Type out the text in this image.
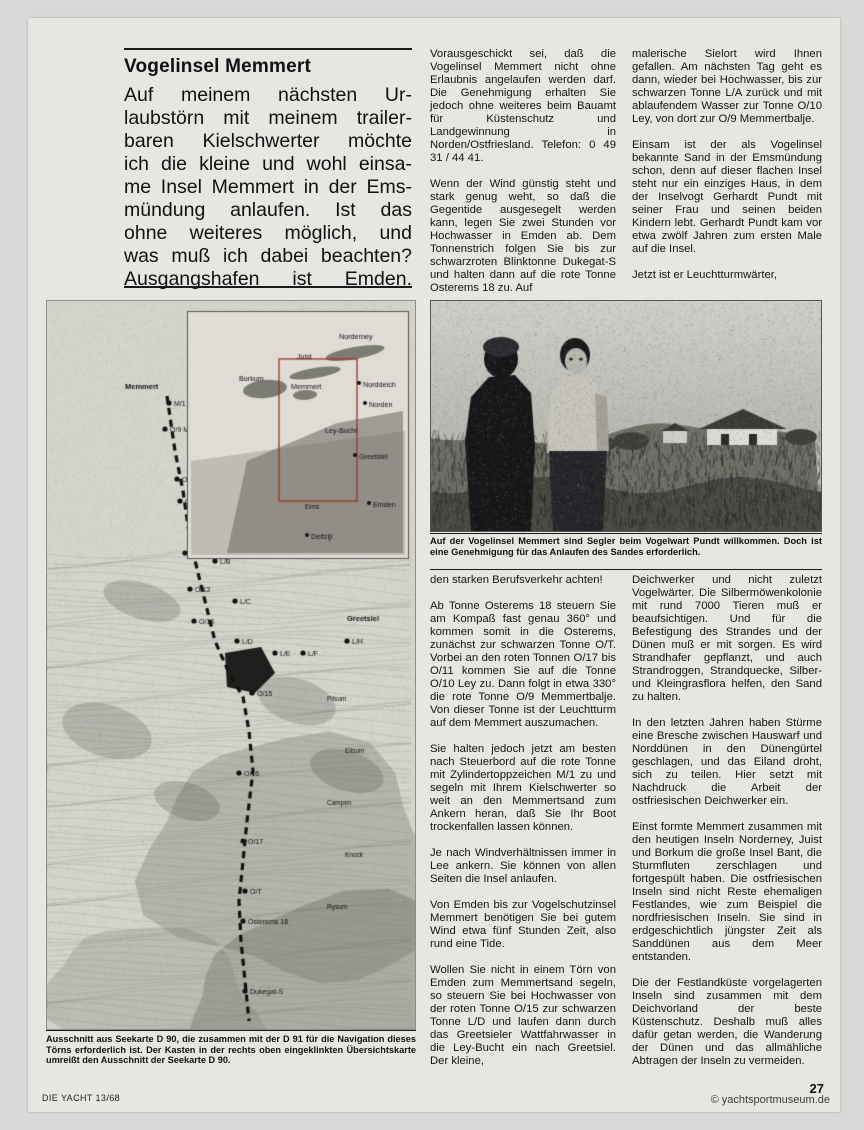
Vogelinsel Memmert
Auf meinem nächsten Ur-
laubstörn mit meinem trailer-
baren Kielschwerter möchte
ich die kleine und wohl einsa-
me Insel Memmert in der Ems-
mündung anlaufen. Ist das
ohne weiteres möglich, und
was muß ich dabei beachten?
Ausgangshafen ist Emden.
Vorausgeschickt sei, daß die Vogelinsel Memmert nicht ohne Erlaubnis angelaufen werden darf. Die Genehmigung erhalten Sie jedoch ohne weiteres beim Bauamt für Küstenschutz und Landgewinnung in Norden/Ostfriesland. Telefon: 0 49 31 / 44 41.

Wenn der Wind günstig steht und stark genug weht, so daß die Gegentide ausgesegelt werden kann, legen Sie zwei Stunden vor Hochwasser in Emden ab. Dem Tonnenstrich folgen Sie bis zur schwarzroten Blinktonne Dukegat-S und halten dann auf die rote Tonne Osterems 18 zu. Auf
malerische Sielort wird Ihnen gefallen. Am nächsten Tag geht es dann, wieder bei Hochwasser, bis zur schwarzen Tonne L/A zurück und mit ablaufendem Wasser zur Tonne O/10 Ley, von dort zur O/9 Memmertbalje.

Einsam ist der als Vogelinsel bekannte Sand in der Emsmündung schon, denn auf dieser flachen Insel steht nur ein einziges Haus, in dem der Inselvogt Gerhardt Pundt mit seiner Frau und seinen beiden Kindern lebt. Gerhardt Pundt kam vor etwa zwölf Jahren zum ersten Male auf die Insel.

Jetzt ist er Leuchtturmwärter,
Ausschnitt aus Seekarte D 90, die zusammen mit der D 91 für die Navigation dieses Törns erforderlich ist. Der Kasten in der rechts oben eingeklinkten Übersichtskarte umreißt den Ausschnitt der Seekarte D 90.
Auf der Vogelinsel Memmert sind Segler beim Vogelwart Pundt willkommen. Doch ist eine Genehmigung für das Anlaufen des Sandes erforderlich.
den starken Berufsverkehr achten!

Ab Tonne Osterems 18 steuern Sie am Kompaß fast genau 360° und kommen somit in die Osterems, zunächst zur schwarzen Tonne O/T. Vorbei an den roten Tonnen O/17 bis O/11 kommen Sie auf die Tonne O/10 Ley zu. Dann folgt in etwa 330° die rote Tonne O/9 Memmertbalje. Von dieser Tonne ist der Leuchtturm auf dem Memmert auszumachen.

Sie halten jedoch jetzt am besten nach Steuerbord auf die rote Tonne mit Zylindertoppzeichen M/1 zu und segeln mit Ihrem Kielschwerter so weit an den Memmertsand zum Ankern heran, daß Sie Ihr Boot trockenfallen lassen können.

Je nach Windverhältnissen immer in Lee ankern. Sie können von allen Seiten die Insel anlaufen.

Von Emden bis zur Vogelschutzinsel Memmert benötigen Sie bei gutem Wind etwa fünf Stunden Zeit, also rund eine Tide.

Wollen Sie nicht in einem Törn von Emden zum Memmertsand segeln, so steuern Sie bei Hochwasser von der roten Tonne O/15 zur schwarzen Tonne L/D und laufen dann durch das Greetsieler Wattfahrwasser in die Ley-Bucht ein nach Greetsiel. Der kleine,
Deichwerker und nicht zuletzt Vogelwärter. Die Silbermöwenkolonie mit rund 7000 Tieren muß er beaufsichtigen. Und für die Befestigung des Strandes und der Dünen muß er mit sorgen. Es wird Strandhafer gepflanzt, und auch Strandroggen, Strandquecke, Silber- und Kleingrasflora helfen, den Sand zu halten.

In den letzten Jahren haben Stürme eine Bresche zwischen Hauswarf und Norddünen in den Dünengürtel geschlagen, und das Eiland droht, sich zu teilen. Hier setzt mit Nachdruck die Arbeit der ostfriesischen Deichwerker ein.

Einst formte Memmert zusammen mit den heutigen Inseln Norderney, Juist und Borkum die große Insel Bant, die Sturmfluten zerschlagen und fortgespült haben. Die ostfriesischen Inseln sind nicht Reste ehemaligen Festlandes, wie zum Beispiel die nordfriesischen Inseln. Sie sind in erdgeschichtlich jüngster Zeit als Sanddünen aus dem Meer entstanden.

Die der Festlandküste vorgelagerten Inseln sind zusammen mit dem Deichvorland der beste Küstenschutz. Deshalb muß alles dafür getan werden, die Wanderung der Dünen und das allmähliche Abtragen der Inseln zu vermeiden.
DIE YACHT 13/68
27
© yachtsportmuseum.de
